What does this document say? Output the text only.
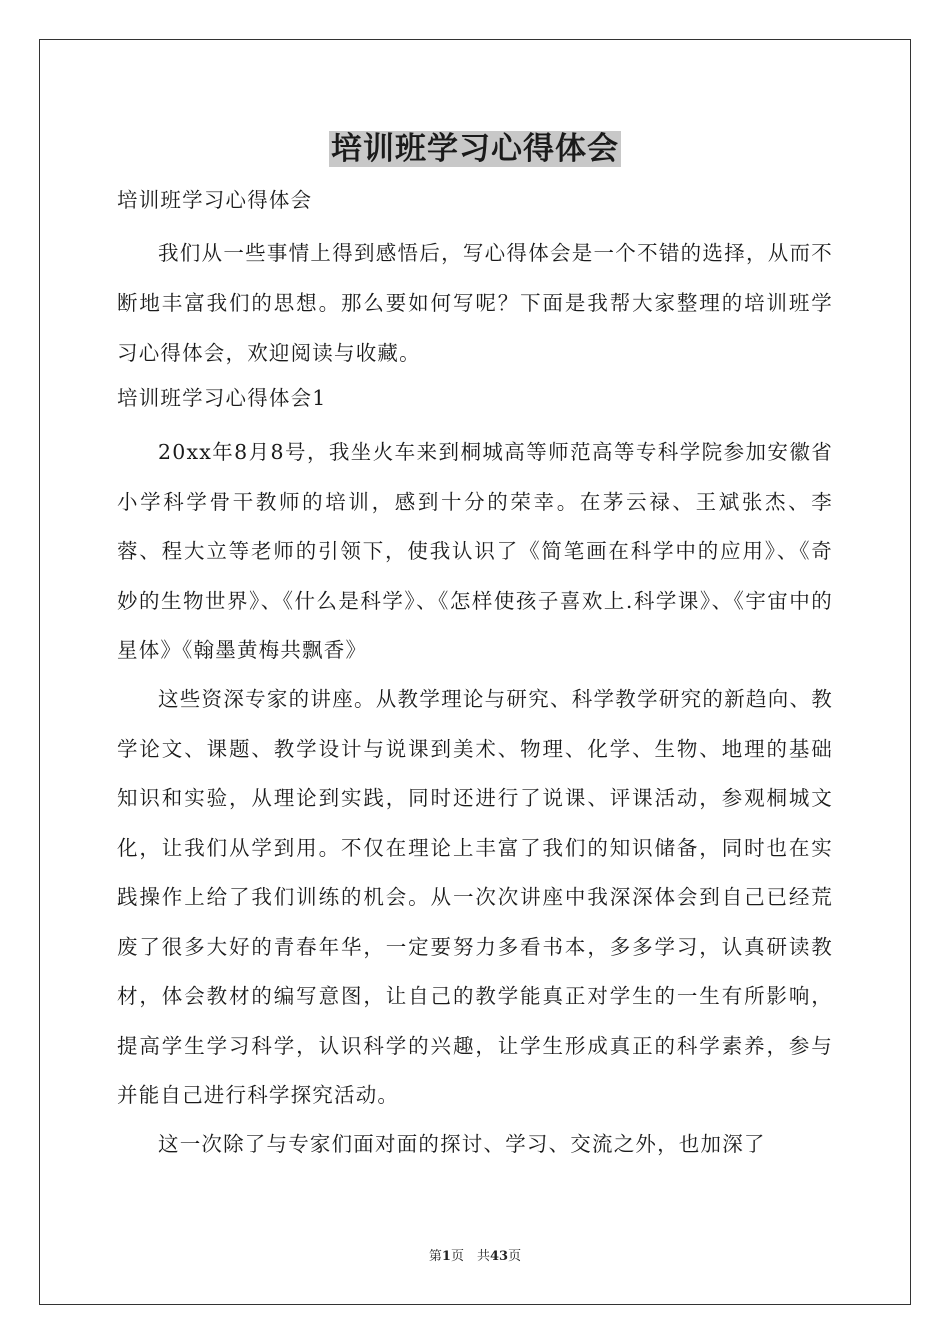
培训班学习心得体会

培训班学习心得体会

我们从一些事情上得到感悟后，写心得体会是一个不错的选择，从而不断地丰富我们的思想。那么要如何写呢？下面是我帮大家整理的培训班学习心得体会，欢迎阅读与收藏。

培训班学习心得体会1

20xx年8月8号，我坐火车来到桐城高等师范高等专科学院参加安徽省小学科学骨干教师的培训，感到十分的荣幸。在茅云禄、王斌张杰、李蓉、程大立等老师的引领下，使我认识了《简笔画在科学中的应用》、《奇妙的生物世界》、《什么是科学》、《怎样使孩子喜欢上.科学课》、《宇宙中的星体》《翰墨黄梅共飘香》

这些资深专家的讲座。从教学理论与研究、科学教学研究的新趋向、教学论文、课题、教学设计与说课到美术、物理、化学、生物、地理的基础知识和实验，从理论到实践，同时还进行了说课、评课活动，参观桐城文化，让我们从学到用。不仅在理论上丰富了我们的知识储备，同时也在实践操作上给了我们训练的机会。从一次次讲座中我深深体会到自己已经荒废了很多大好的青春年华，一定要努力多看书本，多多学习，认真研读教材，体会教材的编写意图，让自己的教学能真正对学生的一生有所影响，提高学生学习科学，认识科学的兴趣，让学生形成真正的科学素养，参与并能自己进行科学探究活动。

这一次除了与专家们面对面的探讨、学习、交流之外，也加深了

第1页　共43页
